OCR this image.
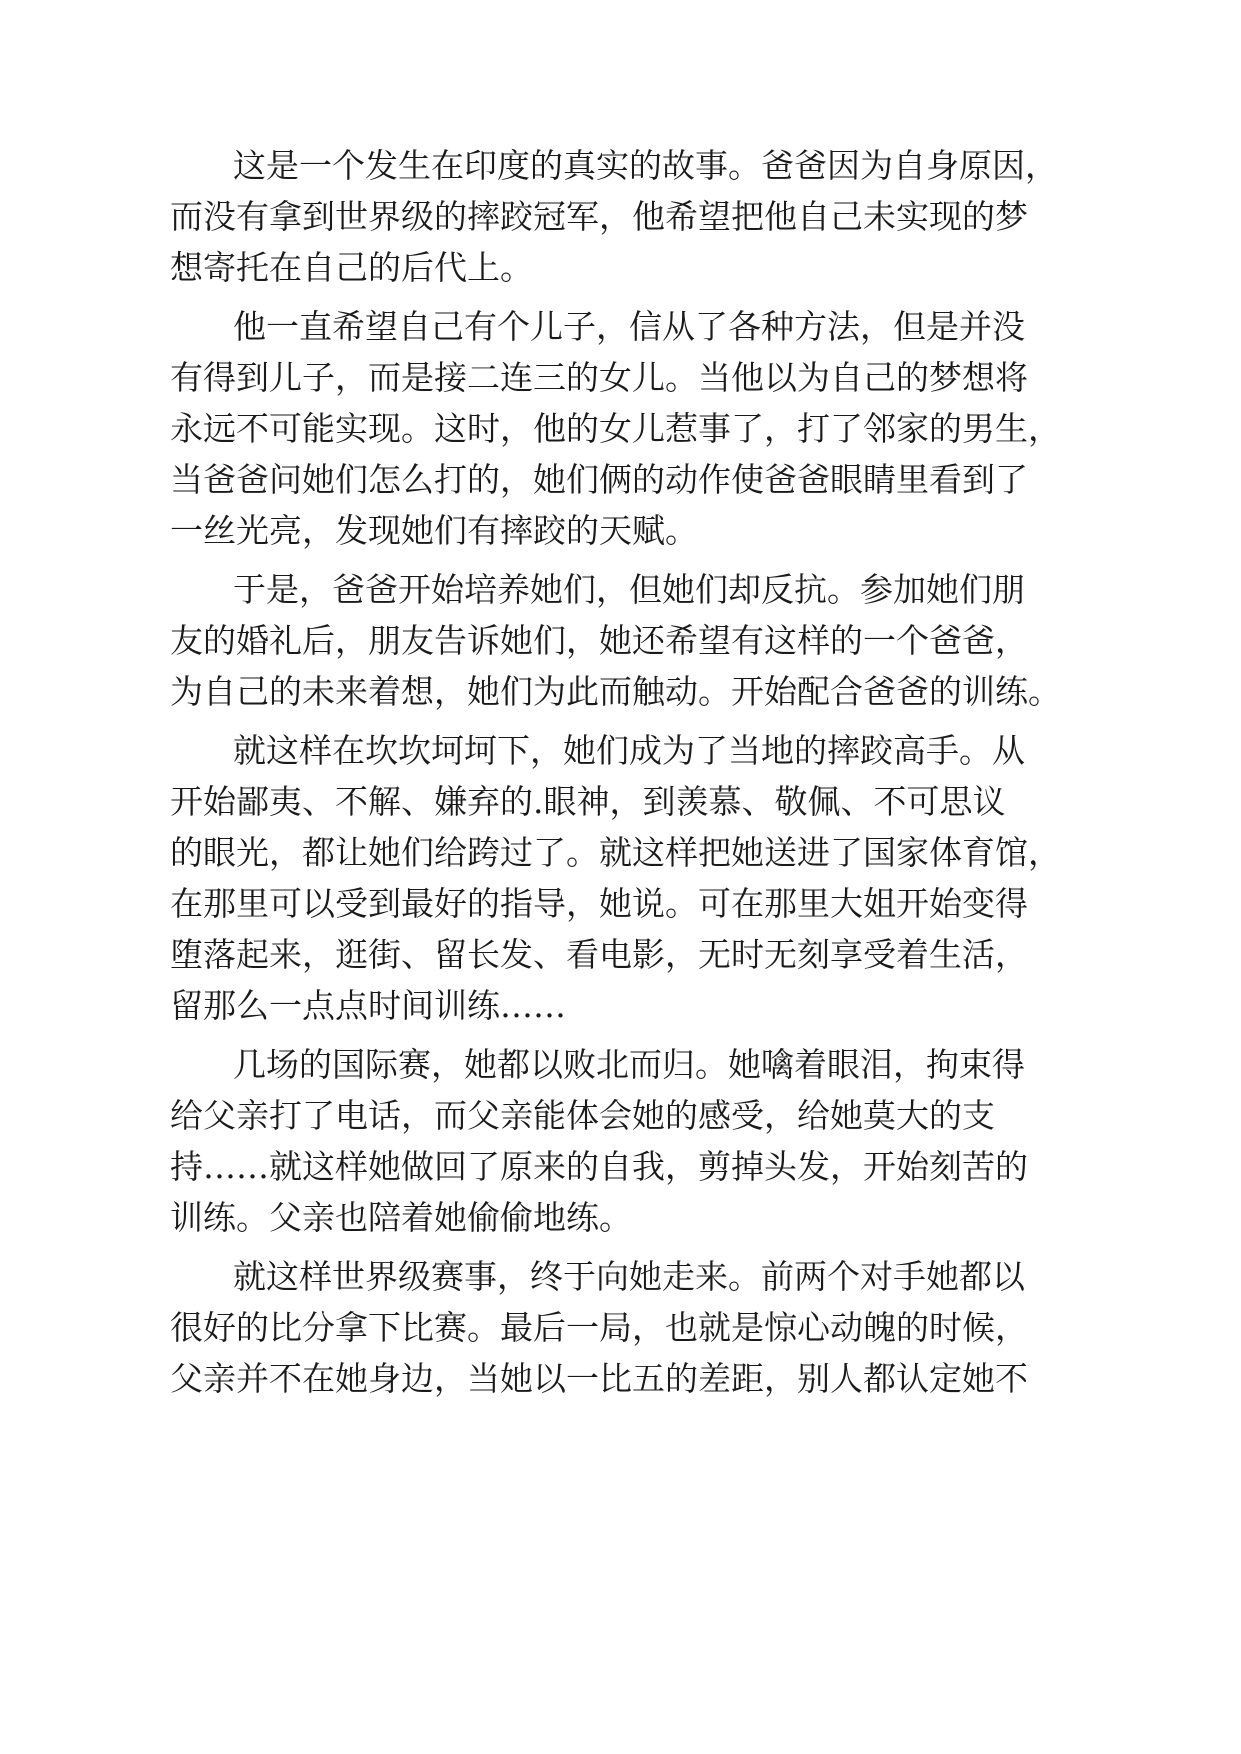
这是一个发生在印度的真实的故事。爸爸因为自身原因，
而没有拿到世界级的摔跤冠军，他希望把他自己未实现的梦
想寄托在自己的后代上。
他一直希望自己有个儿子，信从了各种方法，但是并没
有得到儿子，而是接二连三的女儿。当他以为自己的梦想将
永远不可能实现。这时，他的女儿惹事了，打了邻家的男生，
当爸爸问她们怎么打的，她们俩的动作使爸爸眼睛里看到了
一丝光亮，发现她们有摔跤的天赋。
于是，爸爸开始培养她们，但她们却反抗。参加她们朋
友的婚礼后，朋友告诉她们，她还希望有这样的一个爸爸，
为自己的未来着想，她们为此而触动。开始配合爸爸的训练。
就这样在坎坎坷坷下，她们成为了当地的摔跤高手。从
开始鄙夷、不解、嫌弃的.眼神，到羡慕、敬佩、不可思议
的眼光，都让她们给跨过了。就这样把她送进了国家体育馆，
在那里可以受到最好的指导，她说。可在那里大姐开始变得
堕落起来，逛街、留长发、看电影，无时无刻享受着生活，
留那么一点点时间训练……
几场的国际赛，她都以败北而归。她噙着眼泪，拘束得
给父亲打了电话，而父亲能体会她的感受，给她莫大的支
持……就这样她做回了原来的自我，剪掉头发，开始刻苦的
训练。父亲也陪着她偷偷地练。
就这样世界级赛事，终于向她走来。前两个对手她都以
很好的比分拿下比赛。最后一局，也就是惊心动魄的时候，
父亲并不在她身边，当她以一比五的差距，别人都认定她不
